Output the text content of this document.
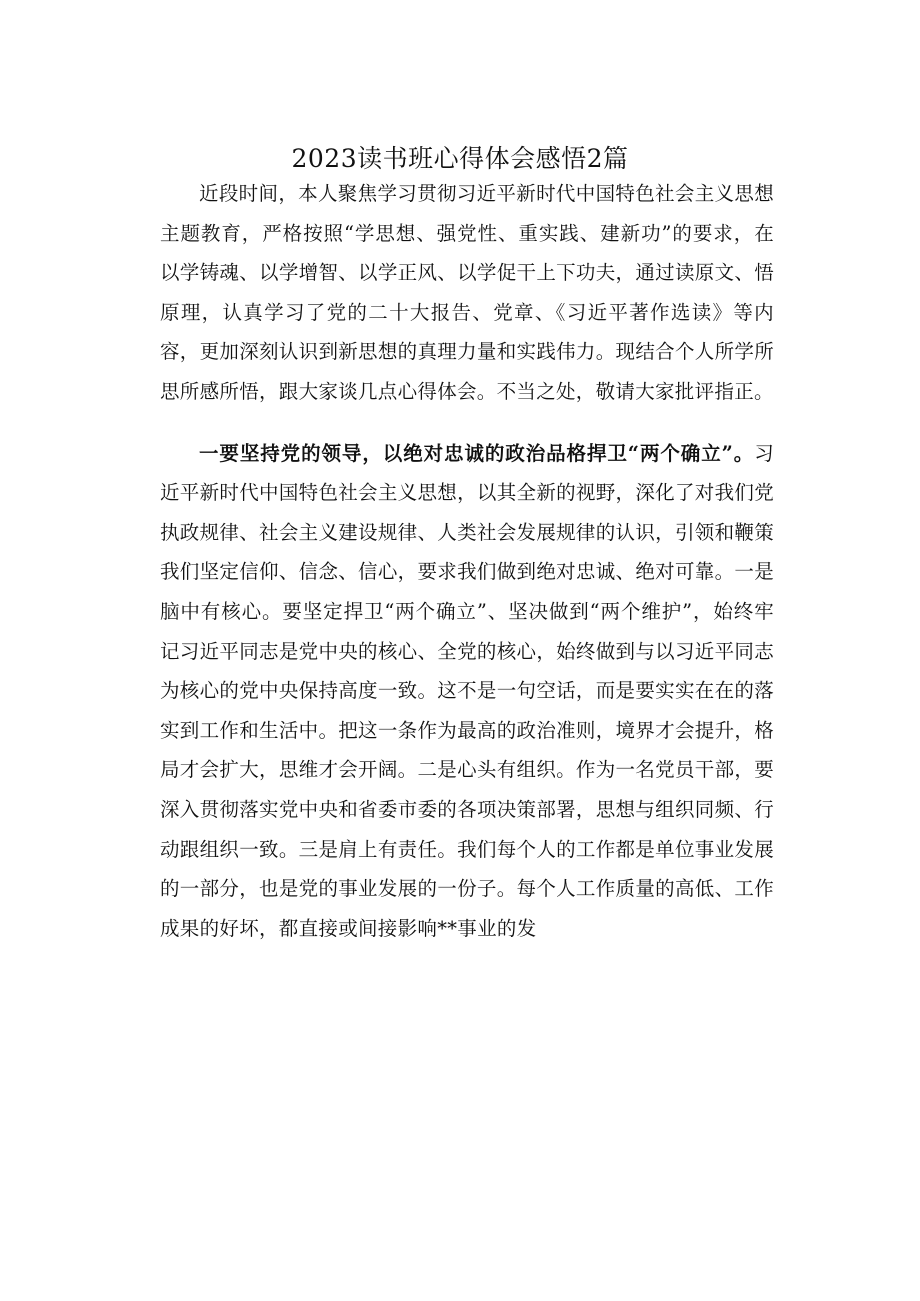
2023读书班心得体会感悟2篇

近段时间，本人聚焦学习贯彻习近平新时代中国特色社会主义思想主题教育，严格按照“学思想、强党性、重实践、建新功”的要求，在以学铸魂、以学增智、以学正风、以学促干上下功夫，通过读原文、悟原理，认真学习了党的二十大报告、党章、《习近平著作选读》等内容，更加深刻认识到新思想的真理力量和实践伟力。现结合个人所学所思所感所悟，跟大家谈几点心得体会。不当之处，敬请大家批评指正。

一要坚持党的领导，以绝对忠诚的政治品格捍卫“两个确立”。习近平新时代中国特色社会主义思想，以其全新的视野，深化了对我们党执政规律、社会主义建设规律、人类社会发展规律的认识，引领和鞭策我们坚定信仰、信念、信心，要求我们做到绝对忠诚、绝对可靠。一是脑中有核心。要坚定捍卫“两个确立”、坚决做到“两个维护”，始终牢记习近平同志是党中央的核心、全党的核心，始终做到与以习近平同志为核心的党中央保持高度一致。这不是一句空话，而是要实实在在的落实到工作和生活中。把这一条作为最高的政治准则，境界才会提升，格局才会扩大，思维才会开阔。二是心头有组织。作为一名党员干部，要深入贯彻落实党中央和省委市委的各项决策部署，思想与组织同频、行动跟组织一致。三是肩上有责任。我们每个人的工作都是单位事业发展的一部分，也是党的事业发展的一份子。每个人工作质量的高低、工作成果的好坏，都直接或间接影响**事业的发
